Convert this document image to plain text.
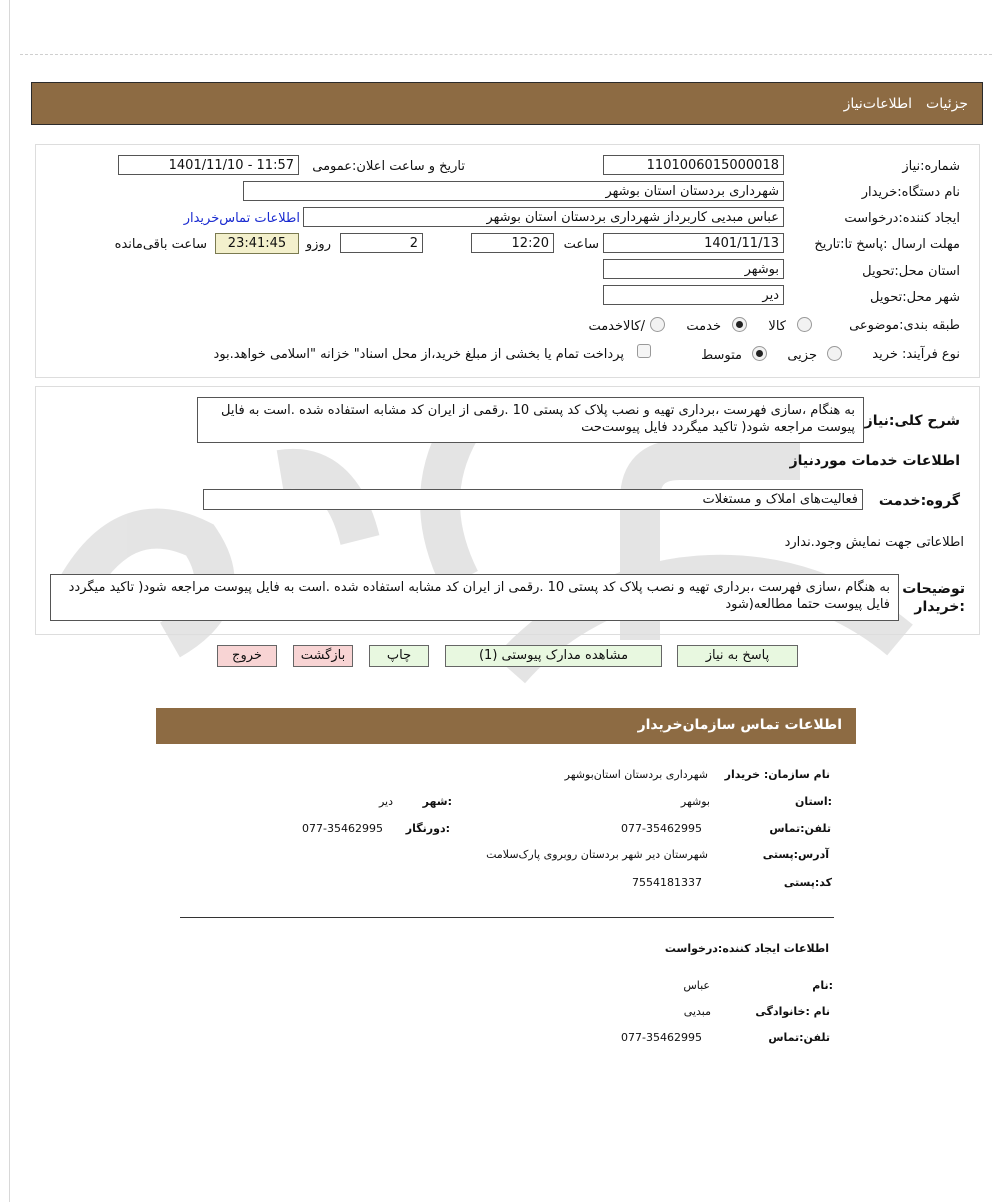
جزئیات
اطلاعات‌نیاز
شماره:نیاز
1101006015000018
تاریخ و ساعت اعلان:عمومی
1401/11/10 - 11:57
نام دستگاه:خریدار
شهرداری بردستان استان بوشهر
ایجاد کننده:درخواست
عباس مبدیی کاربرداز شهرداری بردستان استان بوشهر
اطلاعات تماس‌خریدار
مهلت ارسال :پاسخ تا:تاریخ
1401/11/13
ساعت
12:20
2
روزو
23:41:45
ساعت باقی‌مانده
استان محل:تحویل
بوشهر
شهر محل:تحویل
دیر
طبقه بندی:موضوعی
کالا
خدمت
/کالاخدمت
نوع فرآیند: خرید
جزیی
متوسط
پرداخت تمام یا بخشی از مبلغ خرید،از محل اسناد" خزانه "اسلامی خواهد.بود
شرح کلی:نیاز
به هنگام ،سازی فهرست ،برداری تهیه و نصب پلاک کد پستی 10 .رقمی از ایران کد مشابه استفاده شده .است به فایل پیوست مراجعه شود( تاکید میگردد فایل پیوست‌حت
اطلاعات خدمات موردنیاز
گروه:خدمت
فعالیت‌های املاک و مستغلات
اطلاعاتی جهت نمایش وجود.ندارد
توضیحات
:خریدار
به هنگام ،سازی فهرست ،برداری تهیه و نصب پلاک کد پستی 10 .رقمی از ایران کد مشابه استفاده شده .است به فایل پیوست مراجعه شود( تاکید میگردد فایل پیوست حتما مطالعه(شود
پاسخ به نیاز
مشاهده مدارک پیوستی (1)
چاپ
بازگشت
خروج
اطلاعات تماس سازمان‌خریدار
نام سازمان: خریدار
شهرداری بردستان استان‌بوشهر
:استان
بوشهر
:شهر
دیر
تلفن:تماس
077-35462995
:دورنگار
077-35462995
آدرس:پستی
شهرستان دیر شهر بردستان روبروی پارک‌سلامت
کد:پستی
7554181337
اطلاعات ایجاد کننده:درخواست
:نام
عباس
نام :خانوادگی
مبدیی
تلفن:تماس
077-35462995
